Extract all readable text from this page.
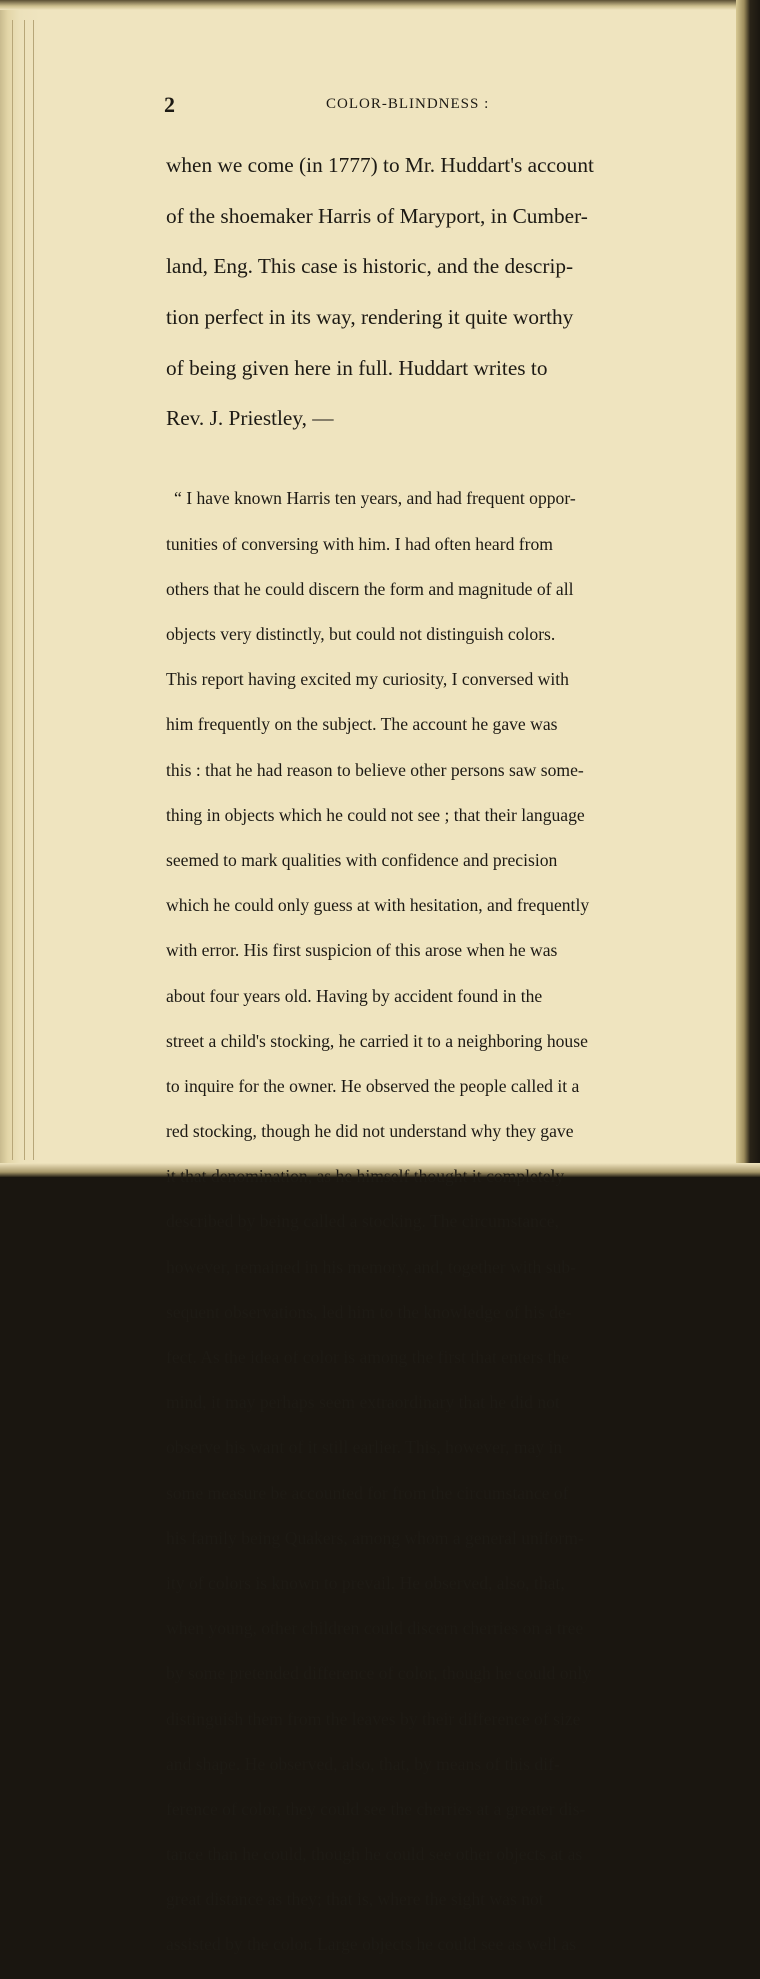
2	COLOR-BLINDNESS :

when we come (in 1777) to Mr. Huddart's account

of the shoemaker Harris of Maryport, in Cumber-

land, Eng. This case is historic, and the descrip-

tion perfect in its way, rendering it quite worthy

of being given here in full. Huddart writes to

Rev. J. Priestley, —

“ I have known Harris ten years, and had frequent oppor-

tunities of conversing with him. I had often heard from

others that he could discern the form and magnitude of all

objects very distinctly, but could not distinguish colors.

This report having excited my curiosity, I conversed with

him frequently on the subject. The account he gave was

this : that he had reason to believe other persons saw some-

thing in objects which he could not see ; that their language

seemed to mark qualities with confidence and precision

which he could only guess at with hesitation, and frequently

with error. His first suspicion of this arose when he was

about four years old. Having by accident found in the

street a child's stocking, he carried it to a neighboring house

to inquire for the owner. He observed the people called it a

red stocking, though he did not understand why they gave

it that denomination, as he himself thought it completely

described by being called a stocking. The circumstance,

however, remained in his memory, and, together with sub-

sequent observations, led him to the knowledge of his de-

fect. As the idea of color is among the first that enters the

mind, it may perhaps seem extraordinary that he did not

observe his want of it still earlier. This, however, may in

some measure be accounted for from the circumstance of

his family being Quakers, among whom a general uniform-

ity of colors is known to prevail. He observed, also, that,

when young, other children could discern cherries on a tree

by some pretended difference of color, though he could only

distinguish them from the leaves by their difference of size

and shape. He observed, also, that, by means of this dif-

ference of color, they could see the cherries at a greater dis-

tance than he could, though he could see other objects at as

great distance as they; that is, where the sight was not

assisted by the color. Large objects he could see as well as
